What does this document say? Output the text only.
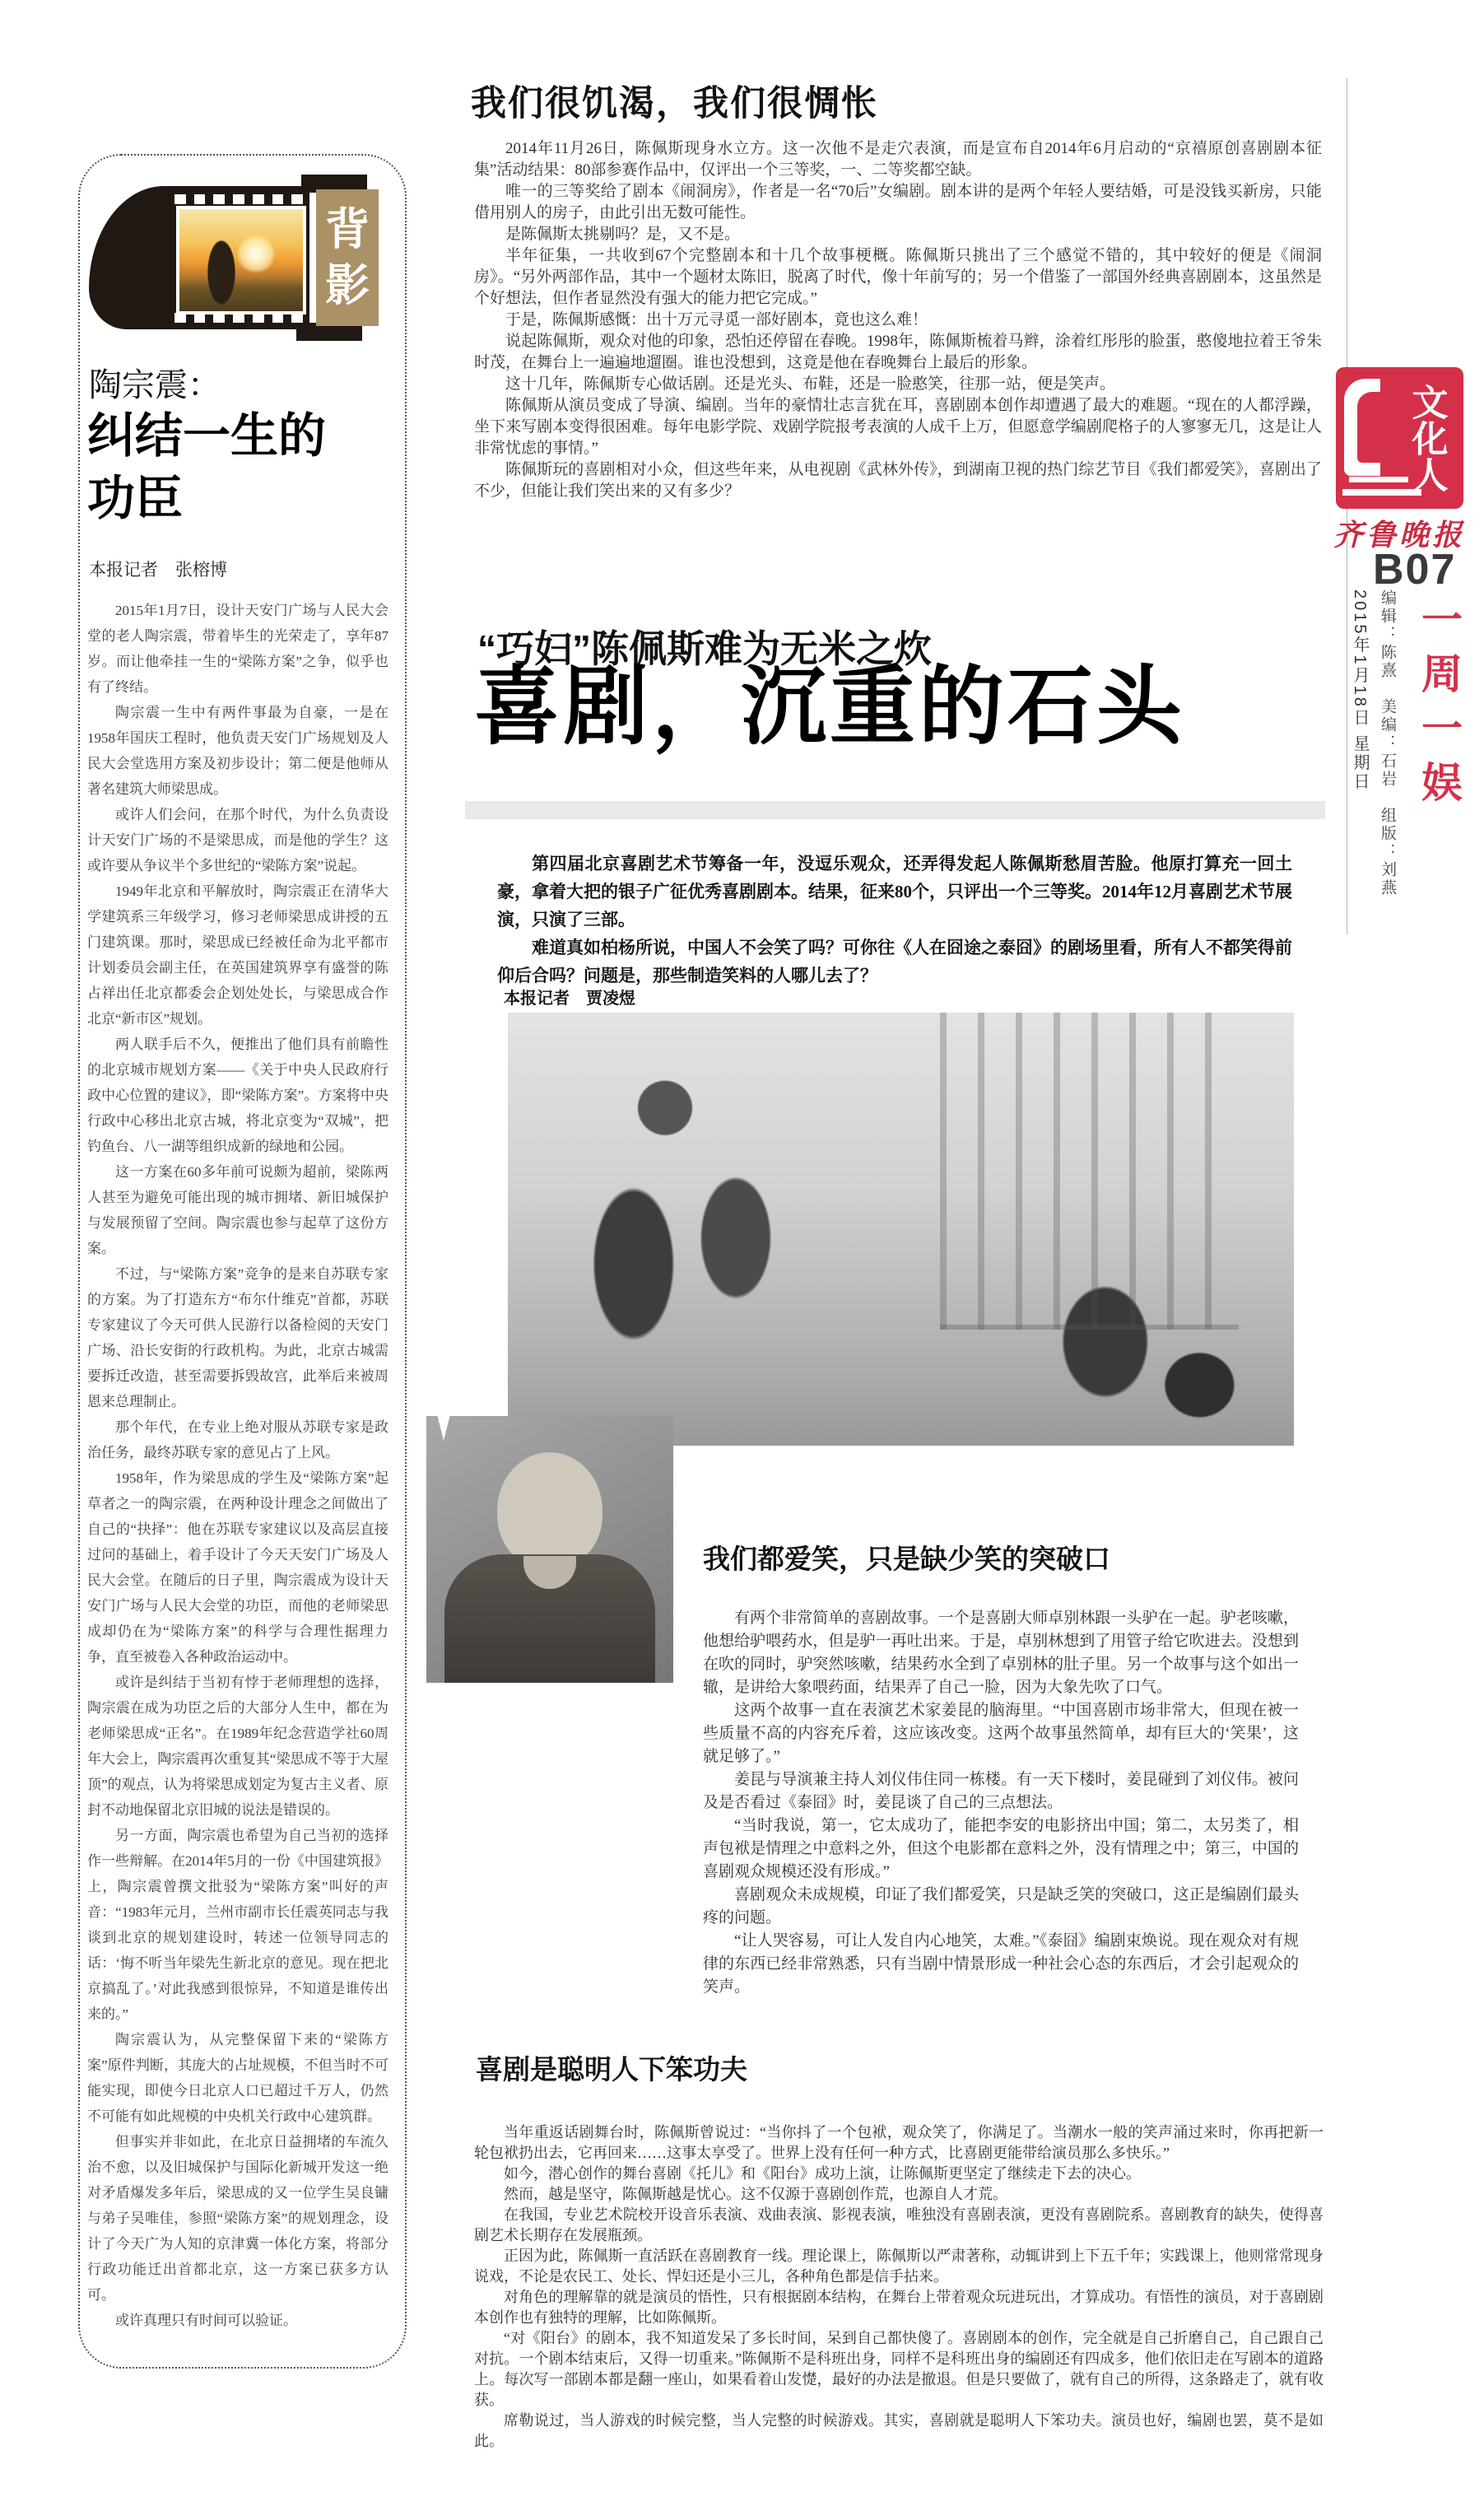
背
影
陶宗震：
纠结一生的
功臣
本报记者　张榕博

2015年1月7日，设计天安门广场与人民大会堂的老人陶宗震，带着毕生的光荣走了，享年87岁。而让他牵挂一生的“梁陈方案”之争，似乎也有了终结。

陶宗震一生中有两件事最为自豪，一是在1958年国庆工程时，他负责天安门广场规划及人民大会堂选用方案及初步设计；第二便是他师从著名建筑大师梁思成。

或许人们会问，在那个时代，为什么负责设计天安门广场的不是梁思成，而是他的学生？这或许要从争议半个多世纪的“梁陈方案”说起。

1949年北京和平解放时，陶宗震正在清华大学建筑系三年级学习，修习老师梁思成讲授的五门建筑课。那时，梁思成已经被任命为北平都市计划委员会副主任，在英国建筑界享有盛誉的陈占祥出任北京都委会企划处处长，与梁思成合作北京“新市区”规划。

两人联手后不久，便推出了他们具有前瞻性的北京城市规划方案——《关于中央人民政府行政中心位置的建议》，即“梁陈方案”。方案将中央行政中心移出北京古城，将北京变为“双城”，把钓鱼台、八一湖等组织成新的绿地和公园。

这一方案在60多年前可说颇为超前，梁陈两人甚至为避免可能出现的城市拥堵、新旧城保护与发展预留了空间。陶宗震也参与起草了这份方案。

不过，与“梁陈方案”竞争的是来自苏联专家的方案。为了打造东方“布尔什维克”首都，苏联专家建议了今天可供人民游行以备检阅的天安门广场、沿长安街的行政机构。为此，北京古城需要拆迁改造，甚至需要拆毁故宫，此举后来被周恩来总理制止。

那个年代，在专业上绝对服从苏联专家是政治任务，最终苏联专家的意见占了上风。

1958年，作为梁思成的学生及“梁陈方案”起草者之一的陶宗震，在两种设计理念之间做出了自己的“抉择”：他在苏联专家建议以及高层直接过问的基础上，着手设计了今天天安门广场及人民大会堂。在随后的日子里，陶宗震成为设计天安门广场与人民大会堂的功臣，而他的老师梁思成却仍在为“梁陈方案”的科学与合理性据理力争，直至被卷入各种政治运动中。

或许是纠结于当初有悖于老师理想的选择，陶宗震在成为功臣之后的大部分人生中，都在为老师梁思成“正名”。在1989年纪念营造学社60周年大会上，陶宗震再次重复其“梁思成不等于大屋顶”的观点，认为将梁思成划定为复古主义者、原封不动地保留北京旧城的说法是错误的。

另一方面，陶宗震也希望为自己当初的选择作一些辩解。在2014年5月的一份《中国建筑报》上，陶宗震曾撰文批驳为“梁陈方案”叫好的声音：“1983年元月，兰州市副市长任震英同志与我谈到北京的规划建设时，转述一位领导同志的话：‘悔不听当年梁先生新北京的意见。现在把北京搞乱了。’对此我感到很惊异，不知道是谁传出来的。”

陶宗震认为，从完整保留下来的“梁陈方案”原件判断，其庞大的占址规模，不但当时不可能实现，即使今日北京人口已超过千万人，仍然不可能有如此规模的中央机关行政中心建筑群。

但事实并非如此，在北京日益拥堵的车流久治不愈，以及旧城保护与国际化新城开发这一绝对矛盾爆发多年后，梁思成的又一位学生吴良镛与弟子吴唯佳，参照“梁陈方案”的规划理念，设计了今天广为人知的京津冀一体化方案，将部分行政功能迁出首都北京，这一方案已获多方认可。

或许真理只有时间可以验证。

我们很饥渴，我们很惆怅

2014年11月26日，陈佩斯现身水立方。这一次他不是走穴表演，而是宣布自2014年6月启动的“京禧原创喜剧剧本征集”活动结果：80部参赛作品中，仅评出一个三等奖，一、二等奖都空缺。

唯一的三等奖给了剧本《闹洞房》，作者是一名“70后”女编剧。剧本讲的是两个年轻人要结婚，可是没钱买新房，只能借用别人的房子，由此引出无数可能性。

是陈佩斯太挑剔吗？是，又不是。

半年征集，一共收到67个完整剧本和十几个故事梗概。陈佩斯只挑出了三个感觉不错的，其中较好的便是《闹洞房》。“另外两部作品，其中一个题材太陈旧，脱离了时代，像十年前写的；另一个借鉴了一部国外经典喜剧剧本，这虽然是个好想法，但作者显然没有强大的能力把它完成。”

于是，陈佩斯感慨：出十万元寻觅一部好剧本，竟也这么难！

说起陈佩斯，观众对他的印象，恐怕还停留在春晚。1998年，陈佩斯梳着马辫，涂着红彤彤的脸蛋，憨傻地拉着王爷朱时茂，在舞台上一遍遍地遛圈。谁也没想到，这竟是他在春晚舞台上最后的形象。

这十几年，陈佩斯专心做话剧。还是光头、布鞋，还是一脸憨笑，往那一站，便是笑声。

陈佩斯从演员变成了导演、编剧。当年的豪情壮志言犹在耳，喜剧剧本创作却遭遇了最大的难题。“现在的人都浮躁，坐下来写剧本变得很困难。每年电影学院、戏剧学院报考表演的人成千上万，但愿意学编剧爬格子的人寥寥无几，这是让人非常忧虑的事情。”

陈佩斯玩的喜剧相对小众，但这些年来，从电视剧《武林外传》，到湖南卫视的热门综艺节目《我们都爱笑》，喜剧出了不少，但能让我们笑出来的又有多少？

“巧妇”陈佩斯难为无米之炊
喜剧，沉重的石头

第四届北京喜剧艺术节筹备一年，没逗乐观众，还弄得发起人陈佩斯愁眉苦脸。他原打算充一回土豪，拿着大把的银子广征优秀喜剧剧本。结果，征来80个，只评出一个三等奖。2014年12月喜剧艺术节展演，只演了三部。

难道真如柏杨所说，中国人不会笑了吗？可你往《人在囧途之泰囧》的剧场里看，所有人不都笑得前仰后合吗？问题是，那些制造笑料的人哪儿去了？

本报记者　贾凌煜
我们都爱笑，只是缺少笑的突破口

有两个非常简单的喜剧故事。一个是喜剧大师卓别林跟一头驴在一起。驴老咳嗽，他想给驴喂药水，但是驴一再吐出来。于是，卓别林想到了用管子给它吹进去。没想到在吹的同时，驴突然咳嗽，结果药水全到了卓别林的肚子里。另一个故事与这个如出一辙，是讲给大象喂药面，结果弄了自己一脸，因为大象先吹了口气。

这两个故事一直在表演艺术家姜昆的脑海里。“中国喜剧市场非常大，但现在被一些质量不高的内容充斥着，这应该改变。这两个故事虽然简单，却有巨大的‘笑果’，这就足够了。”

姜昆与导演兼主持人刘仪伟住同一栋楼。有一天下楼时，姜昆碰到了刘仪伟。被问及是否看过《泰囧》时，姜昆谈了自己的三点想法。

“当时我说，第一，它太成功了，能把李安的电影挤出中国；第二，太另类了，相声包袱是情理之中意料之外，但这个电影都在意料之外，没有情理之中；第三，中国的喜剧观众规模还没有形成。”

喜剧观众未成规模，印证了我们都爱笑，只是缺乏笑的突破口，这正是编剧们最头疼的问题。

“让人哭容易，可让人发自内心地笑，太难。”《泰囧》编剧束焕说。现在观众对有规律的东西已经非常熟悉，只有当剧中情景形成一种社会心态的东西后，才会引起观众的笑声。

喜剧是聪明人下笨功夫

当年重返话剧舞台时，陈佩斯曾说过：“当你抖了一个包袱，观众笑了，你满足了。当潮水一般的笑声涌过来时，你再把新一轮包袱扔出去，它再回来……这事太享受了。世界上没有任何一种方式，比喜剧更能带给演员那么多快乐。”

如今，潜心创作的舞台喜剧《托儿》和《阳台》成功上演，让陈佩斯更坚定了继续走下去的决心。

然而，越是坚守，陈佩斯越是忧心。这不仅源于喜剧创作荒，也源自人才荒。

在我国，专业艺术院校开设音乐表演、戏曲表演、影视表演，唯独没有喜剧表演，更没有喜剧院系。喜剧教育的缺失，使得喜剧艺术长期存在发展瓶颈。

正因为此，陈佩斯一直活跃在喜剧教育一线。理论课上，陈佩斯以严肃著称，动辄讲到上下五千年；实践课上，他则常常现身说戏，不论是农民工、处长、悍妇还是小三儿，各种角色都是信手拈来。

对角色的理解靠的就是演员的悟性，只有根据剧本结构，在舞台上带着观众玩进玩出，才算成功。有悟性的演员，对于喜剧剧本创作也有独特的理解，比如陈佩斯。

“对《阳台》的剧本，我不知道发呆了多长时间，呆到自己都快傻了。喜剧剧本的创作，完全就是自己折磨自己，自己跟自己对抗。一个剧本结束后，又得一切重来。”陈佩斯不是科班出身，同样不是科班出身的编剧还有四成多，他们依旧走在写剧本的道路上。每次写一部剧本都是翻一座山，如果看着山发憷，最好的办法是撤退。但是只要做了，就有自己的所得，这条路走了，就有收获。

席勒说过，当人游戏的时候完整，当人完整的时候游戏。其实，喜剧就是聪明人下笨功夫。演员也好，编剧也罢，莫不是如此。

文化人
齐鲁晚报
B07
2015年1月18日 星期日 编辑：陈熹　美编：石岩　组版：刘燕 一周一娱
